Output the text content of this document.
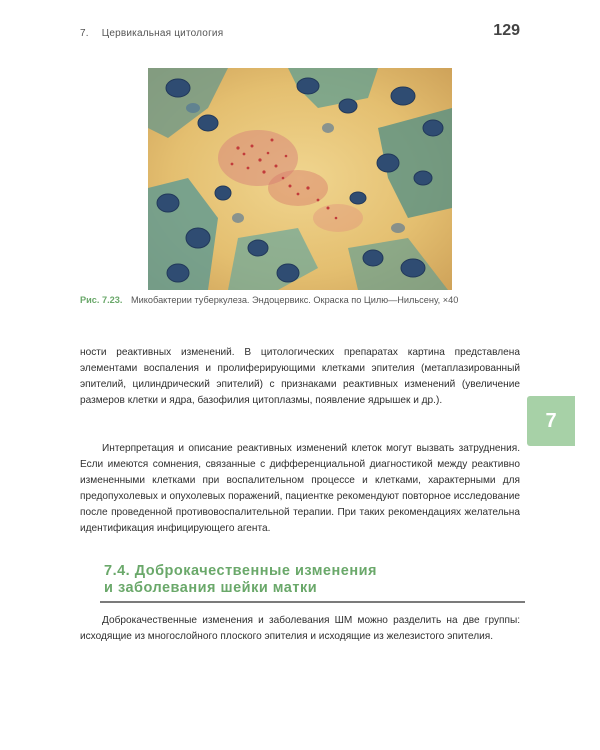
7. Цервикальная цитология	129
Рис. 7.23. Микобактерии туберкулеза. Эндоцервикс. Окраска по Цилю—Нильсену, ×40
ности реактивных изменений. В цитологических препаратах картина представлена элементами воспаления и пролиферирующими клетками эпителия (метаплазированный эпителий, цилиндрический эпителий) с признаками реактивных изменений (увеличение размеров клетки и ядра, базофилия цитоплазмы, появление ядрышек и др.).
Интерпретация и описание реактивных изменений клеток могут вызвать затруднения. Если имеются сомнения, связанные с дифференциальной диагностикой между реактивно измененными клетками при воспалительном процессе и клетками, характерными для предопухолевых и опухолевых поражений, пациентке рекомендуют повторное исследование после проведенной противовоспалительной терапии. При таких рекомендациях желательна идентификация инфицирующего агента.
7
7.4. Доброкачественные изменения
и заболевания шейки матки
Доброкачественные изменения и заболевания ШМ можно разделить на две группы: исходящие из многослойного плоского эпителия и исходящие из железистого эпителия.
